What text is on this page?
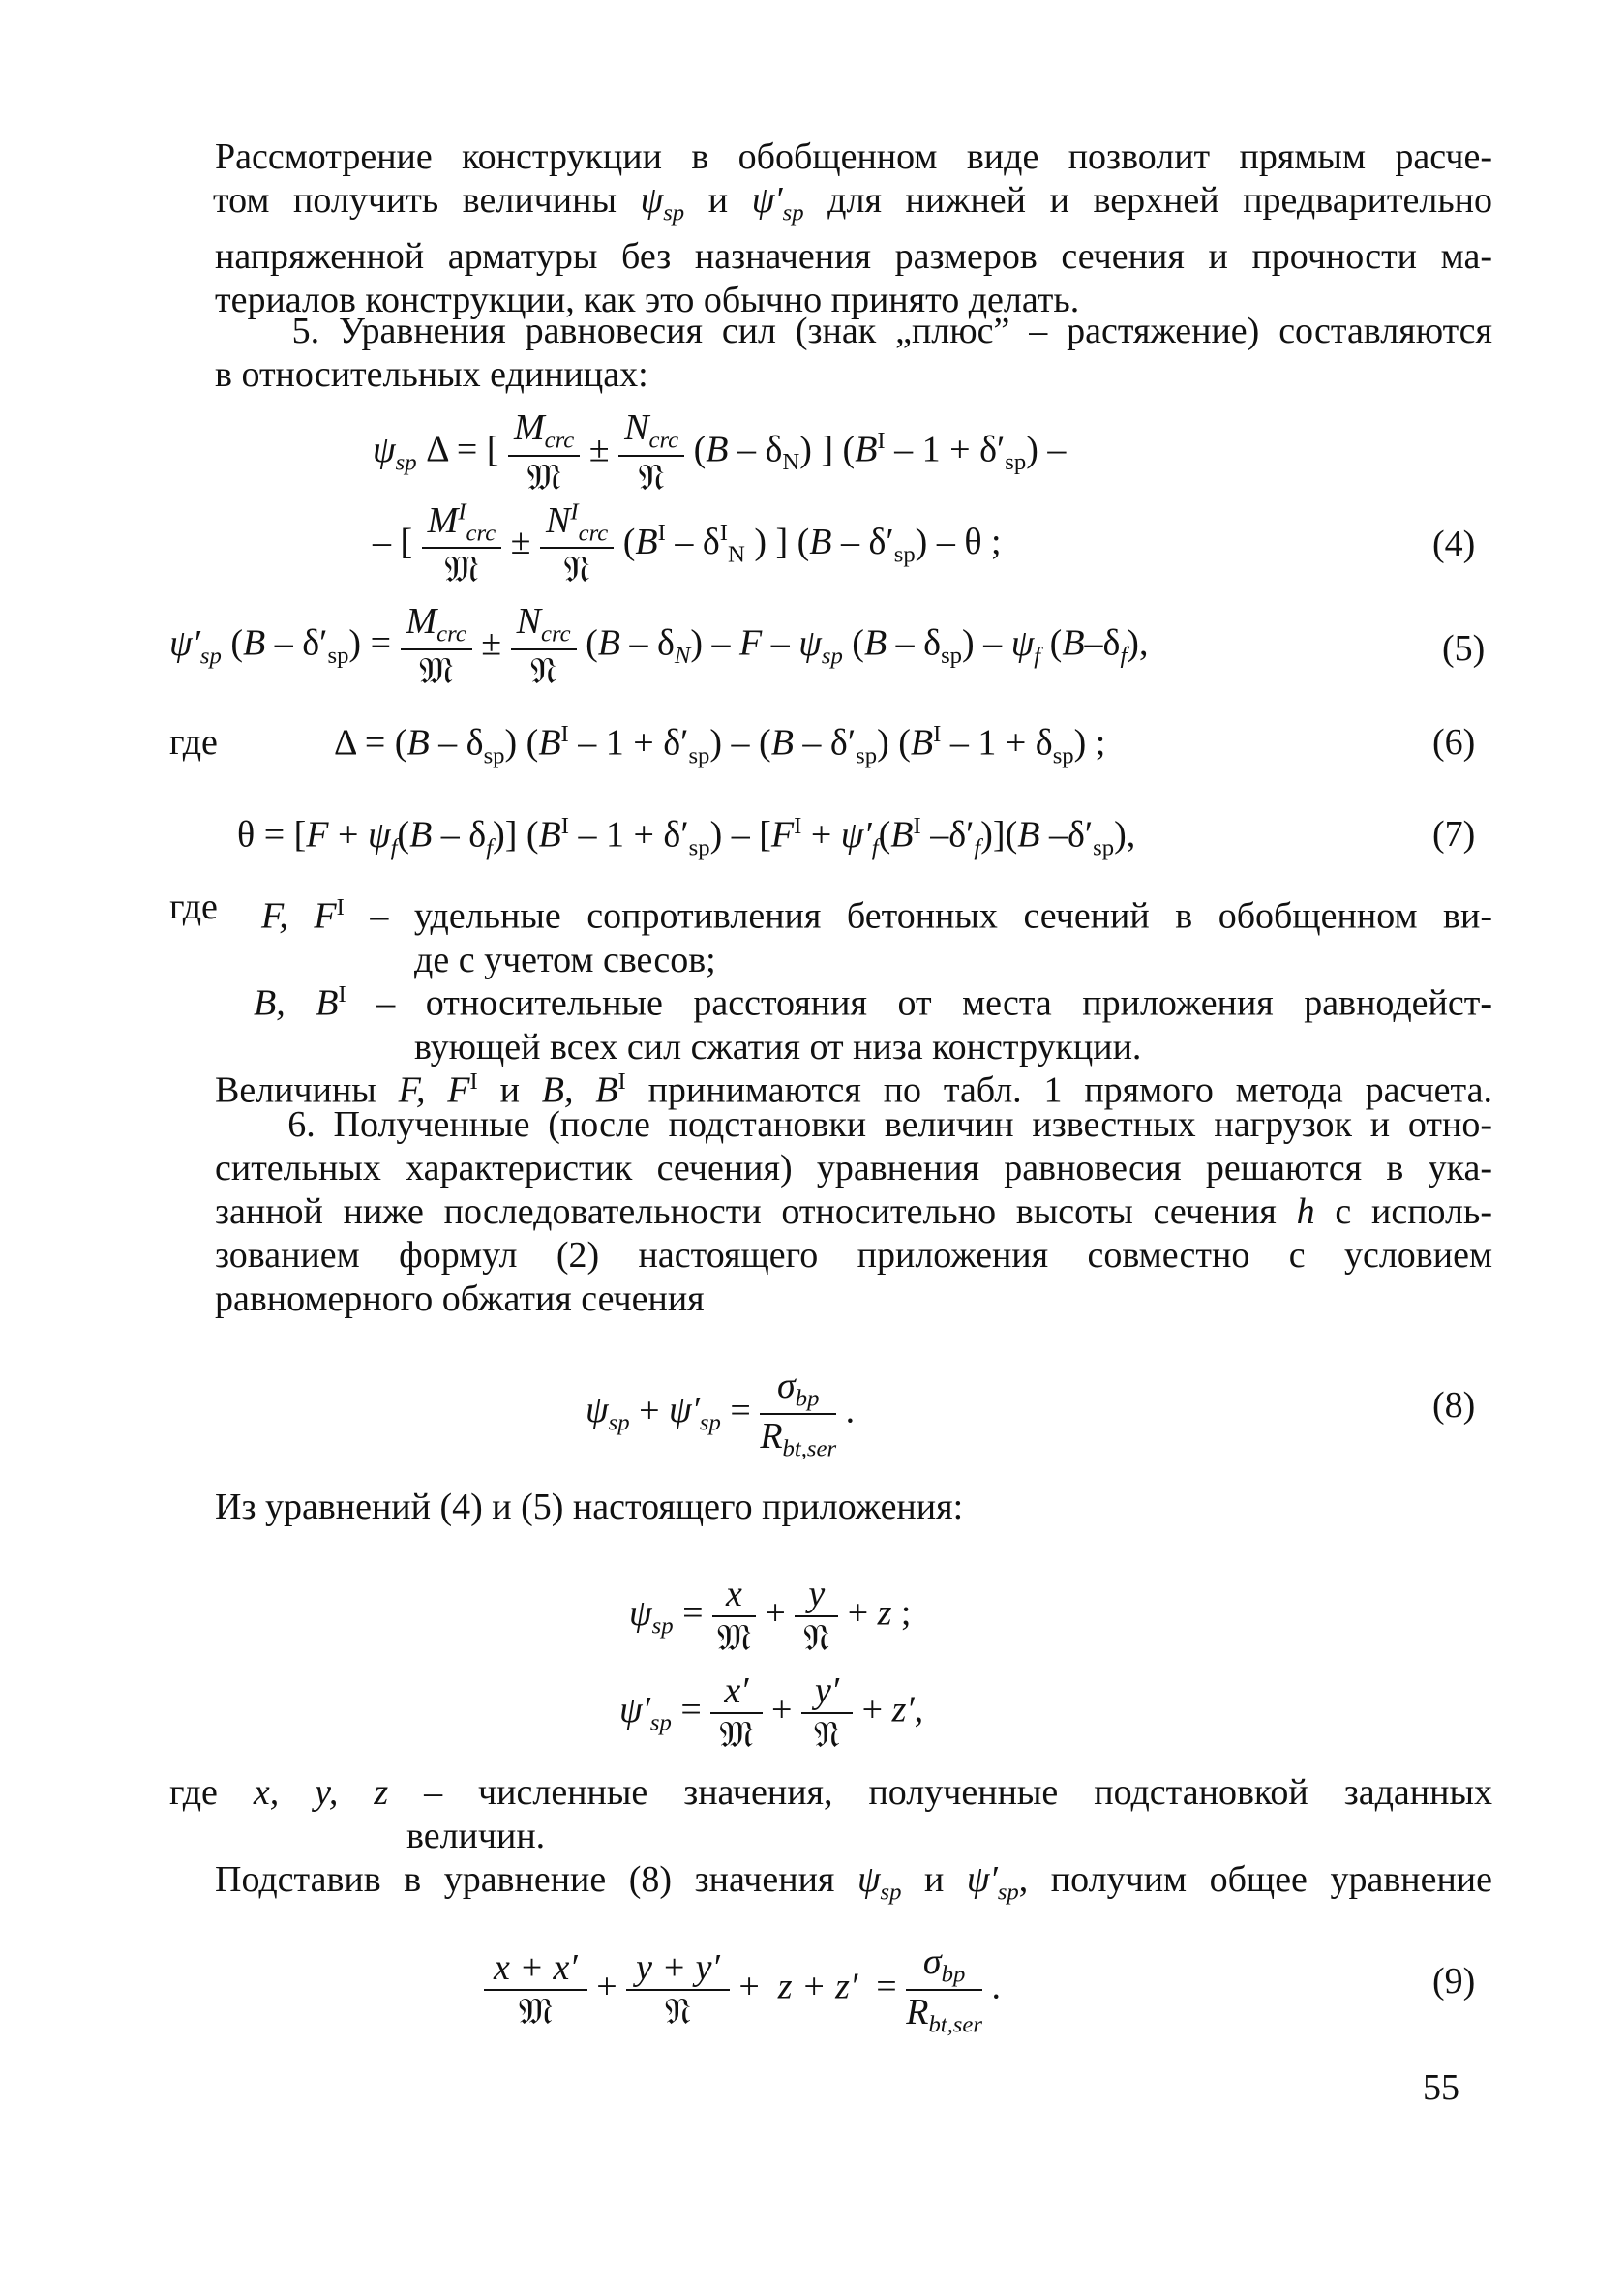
Рассмотрение конструкции в обобщенном виде позволит прямым расче-
том получить величины $\psi_{sp}$ и $\psi'_{sp}$ для нижней и верхней предварительно
напряженной арматуры без назначения размеров сечения и прочности ма-
териалов конструкции, как это обычно принято делать.
5. Уравнения равновесия сил (знак „плюс” – растяжение) составляются
в относительных единицах:
$\psi_{sp}$ Δ = [
$M_{crc}$
𝔐
±
$N_{crc}$
𝔑
$(B - \delta_N)$ ] $(B^I - 1 + \delta'_{sp})$ –
– [
$M^I_{crc}$
𝔐
±
$N^I_{crc}$
𝔑
($B^I - \delta^I_N$ ) ] $(B - \delta'_{sp})$ – θ ;	(4)
$\psi'_{sp}$ $(B - \delta'_{sp})$ =
$M_{crc}$
𝔐
±
$N_{crc}$
𝔑
$(B - \delta_N)$ – F – $\psi_{sp}$ $(B - \delta_{sp}) - \psi_f$ $(B-\delta_f)$,	(5)
где	$\Delta = (B - \delta_{sp})$ $(B^I - 1 + \delta'_{sp}) - (B - \delta'_{sp})$ $(B^I - 1 + \delta_{sp})$ ;	(6)
$\theta = [F + \psi_f(B - \delta_f)]$ $(B^I - 1 + \delta'_{sp}) - [F^I + \psi'_f(B^I$ $-\delta'_f)](B$ $-\delta'_{sp}$),	(7)
где F, $F^I$ – удельные сопротивления бетонных сечений в обобщенном ви-
де с учетом свесов;
B, $B^I$ – относительные расстояния от места приложения равнодейст-
вующей всех сил сжатия от низа конструкции.
Величины F, $F^I$ и B, $B^I$ принимаются по табл. 1 прямого метода расчета.
6. Полученные (после подстановки величин известных нагрузок и отно-
сительных характеристик сечения) уравнения равновесия решаются в ука-
занной ниже последовательности относительно высоты сечения h с исполь-
зованием формул (2) настоящего приложения совместно с условием
равномерного обжатия сечения
$\psi_{sp} + \psi'_{sp}$ =
$\sigma_{bp}$
$R_{bt,ser}$
.	(8)
Из уравнений (4) и (5) настоящего приложения:
$\psi_{sp} = x$
𝔐
+ y
𝔑
+ z ;
$\psi'_{sp} = x'$
𝔐
+ y′
𝔑
+ z′,
где x, y, z – численные значения, полученные подстановкой заданных
величин.
Подставив в уравнение (8) значения $\psi_{sp}$ и $\psi'_{sp}$, получим общее уравнение
x + x′
𝔐
+ y + y′
𝔑
+  z + z′  =
$\sigma_{bp}$
$R_{bt,ser}$
.	(9)
55
